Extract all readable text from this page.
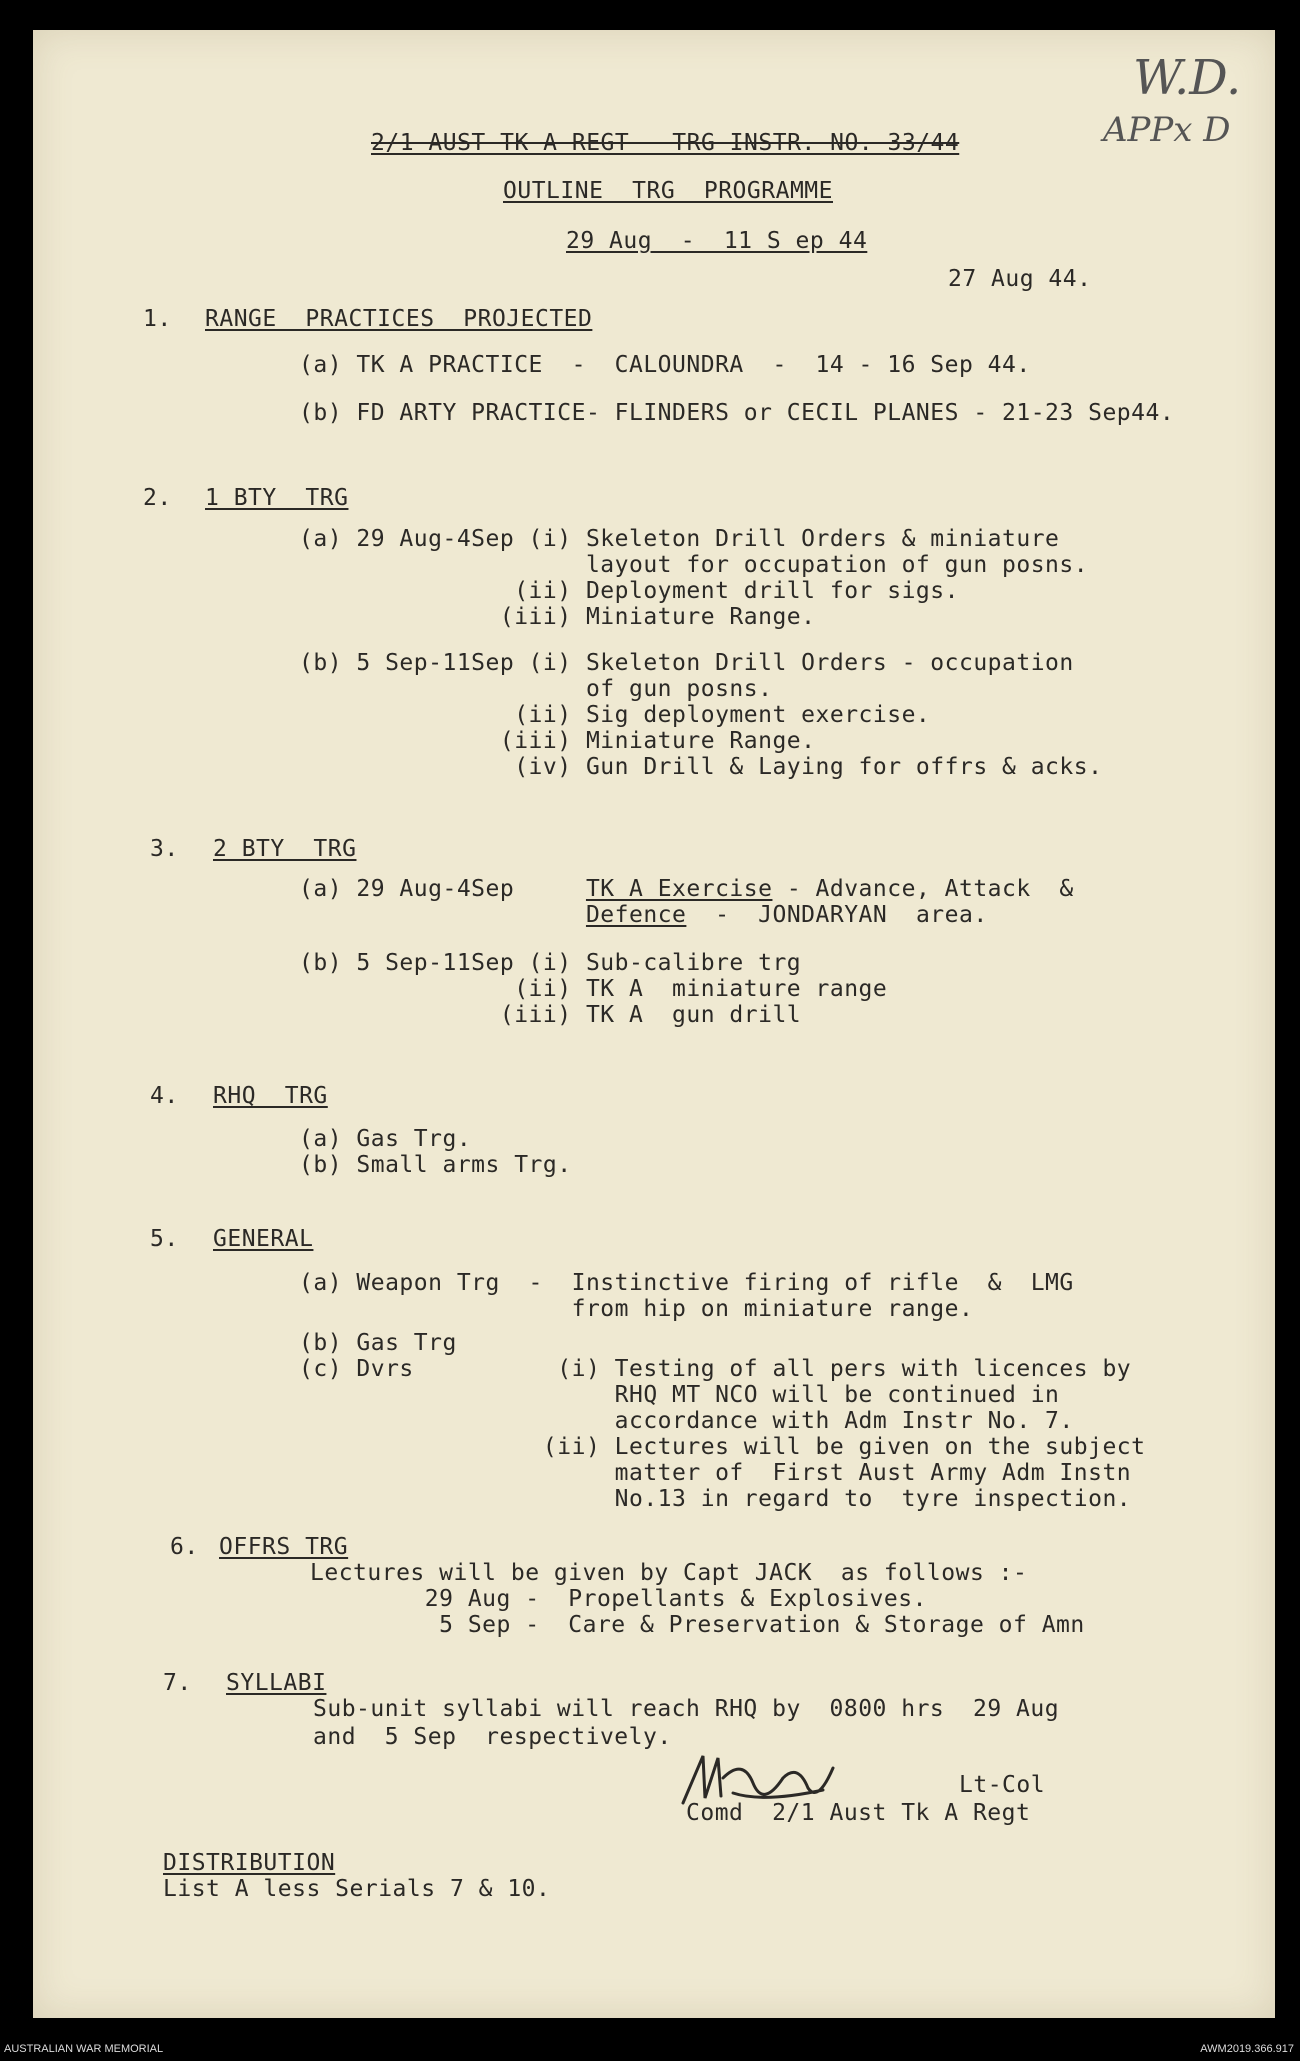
W.D.
APPx D
2/1 AUST TK A REGT   TRG INSTR. NO. 33/44
OUTLINE  TRG  PROGRAMME
29 Aug  -  11 S ep 44
27 Aug 44.
1. RANGE  PRACTICES  PROJECTED
(a) TK A PRACTICE  -  CALOUNDRA  -  14 - 16 Sep 44.
(b) FD ARTY PRACTICE- FLINDERS or CECIL PLANES - 21-23 Sep44.
2. 1 BTY  TRG
(a) 29 Aug-4Sep (i) Skeleton Drill Orders & miniature
layout for occupation of gun posns.
(ii) Deployment drill for sigs.
(iii) Miniature Range.
(b) 5 Sep-11Sep (i) Skeleton Drill Orders - occupation
of gun posns.
(ii) Sig deployment exercise.
(iii) Miniature Range.
(iv) Gun Drill & Laying for offrs & acks.
3. 2 BTY  TRG
(a) 29 Aug-4Sep     TK A Exercise - Advance, Attack  &
Defence  -  JONDARYAN  area.
(b) 5 Sep-11Sep (i) Sub-calibre trg
(ii) TK A  miniature range
(iii) TK A  gun drill
4. RHQ  TRG
(a) Gas Trg.
(b) Small arms Trg.
5. GENERAL
(a) Weapon Trg  -  Instinctive firing of rifle  &  LMG
from hip on miniature range.
(b) Gas Trg
(c) Dvrs          (i) Testing of all pers with licences by
RHQ MT NCO will be continued in
accordance with Adm Instr No. 7.
(ii) Lectures will be given on the subject
matter of  First Aust Army Adm Instn
No.13 in regard to  tyre inspection.
6. OFFRS TRG
Lectures will be given by Capt JACK  as follows :-
29 Aug -  Propellants & Explosives.
5 Sep -  Care & Preservation & Storage of Amn
7. SYLLABI
Sub-unit syllabi will reach RHQ by  0800 hrs  29 Aug
and  5 Sep  respectively.
Lt-Col
Comd  2/1 Aust Tk A Regt
DISTRIBUTION
List A less Serials 7 & 10.
AUSTRALIAN WAR MEMORIAL	AWM2019.366.917
